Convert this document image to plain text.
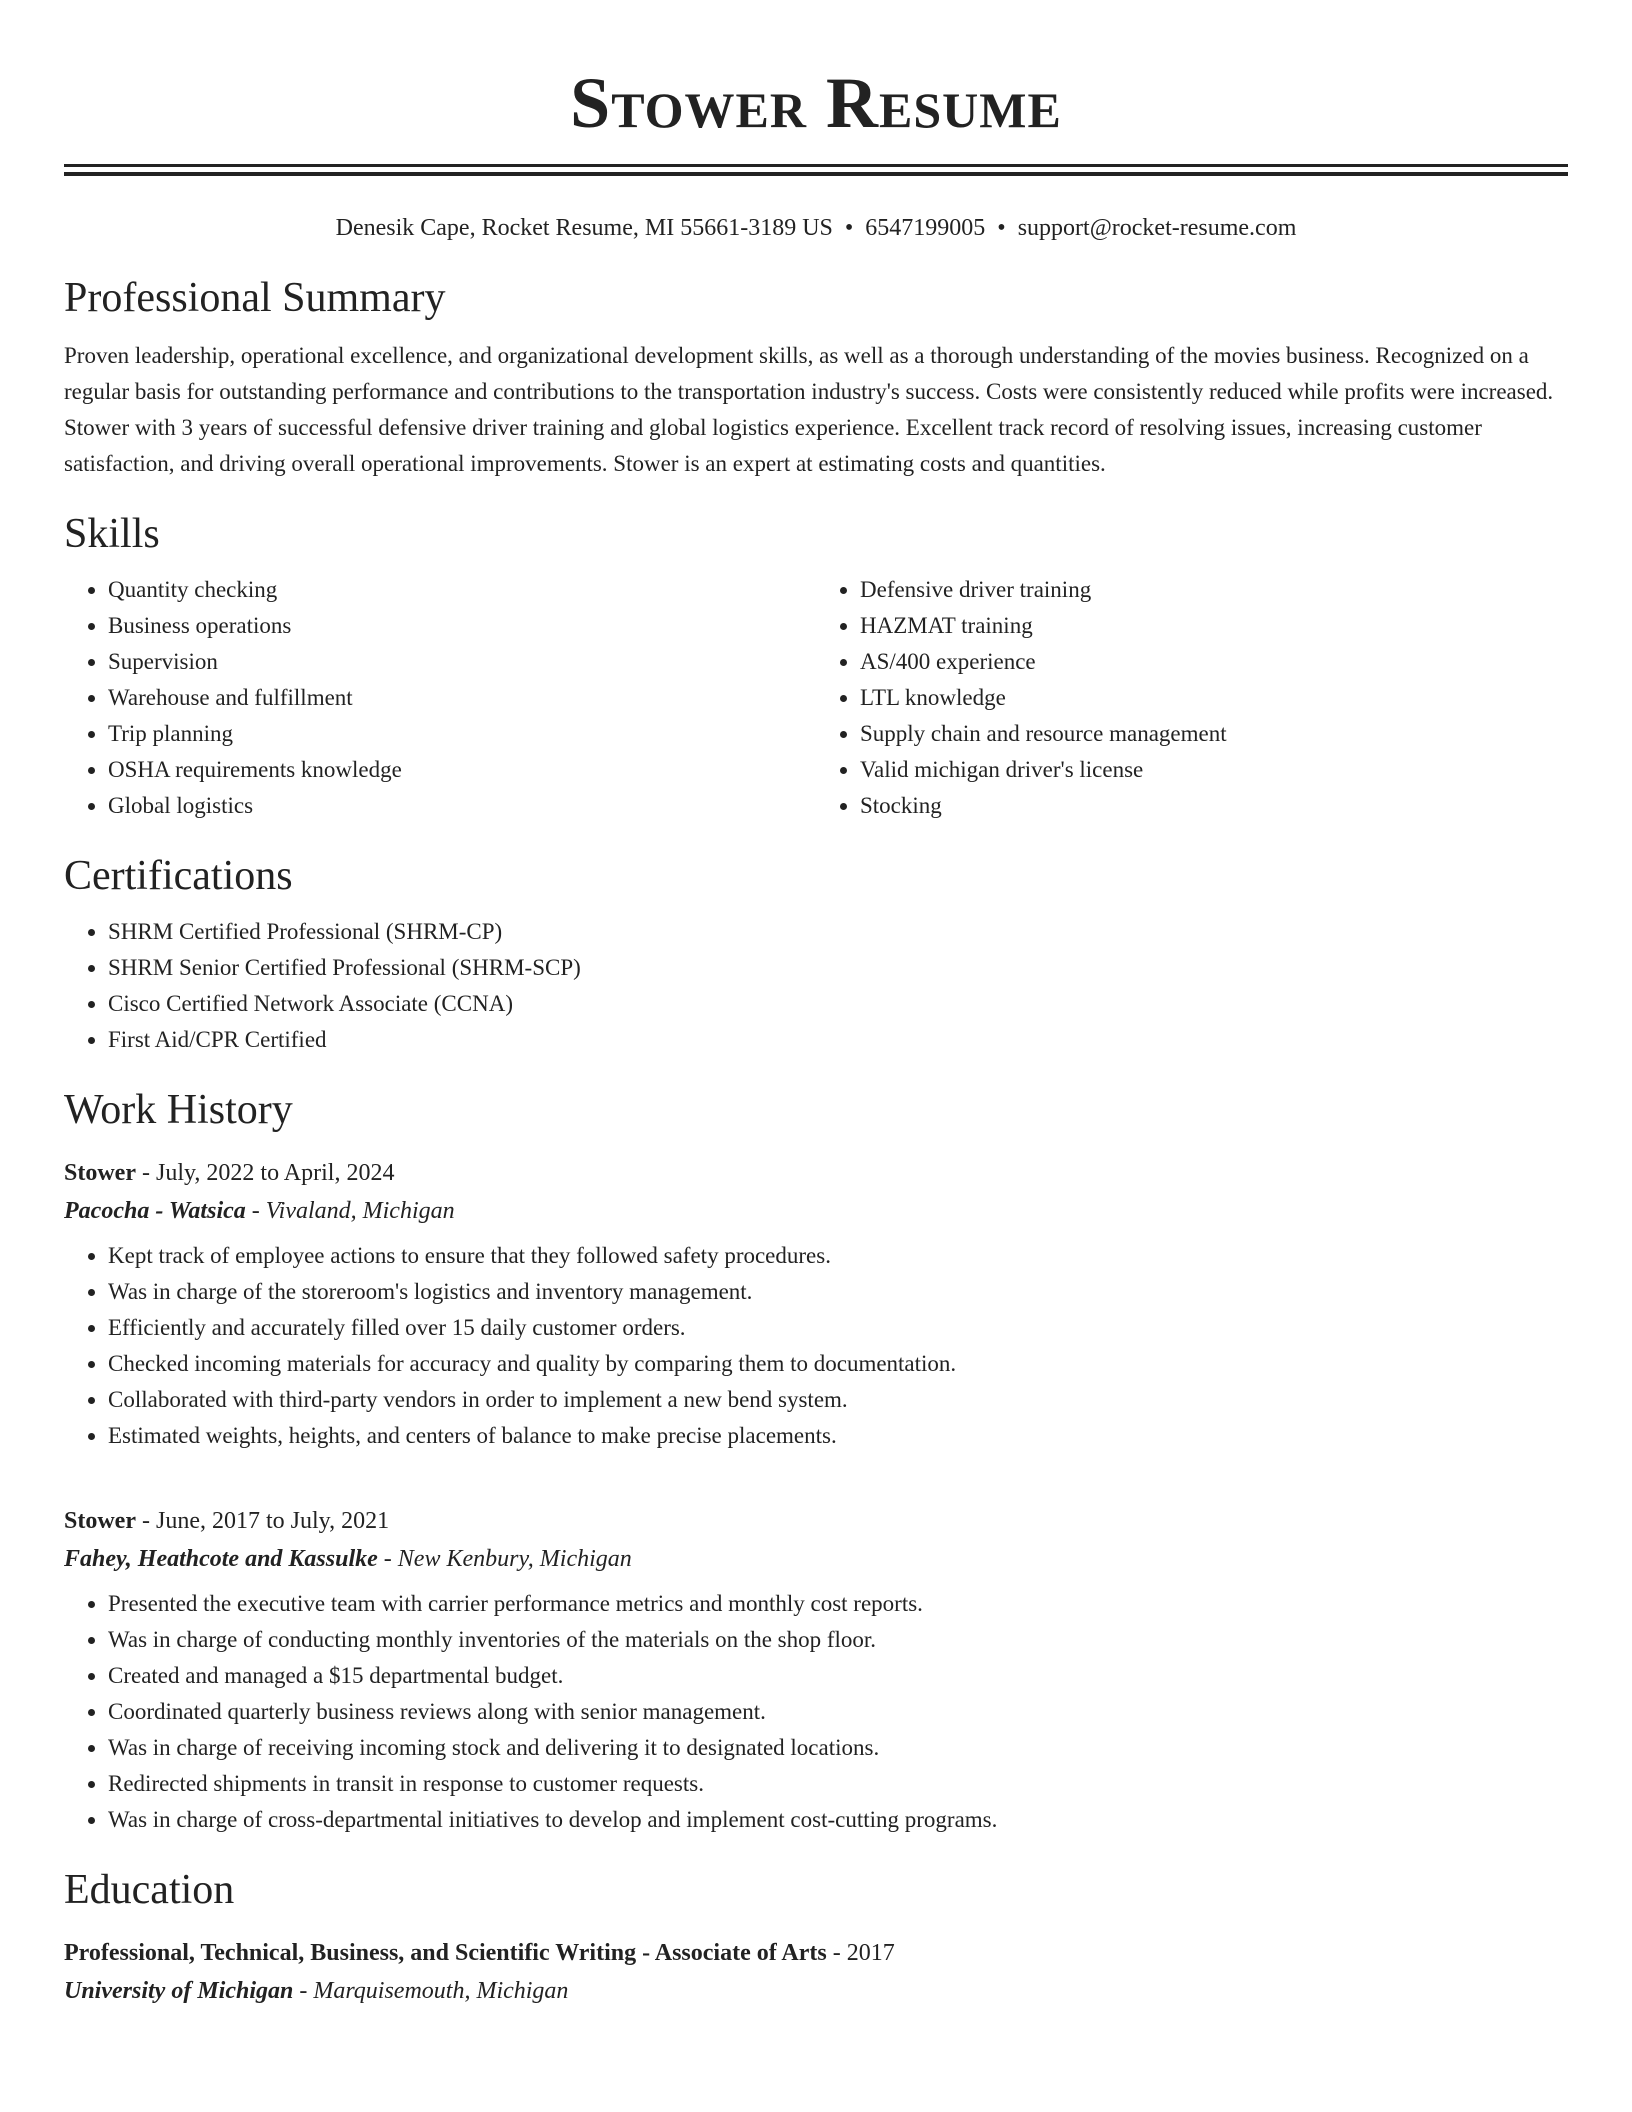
Stower Resume
Denesik Cape, Rocket Resume, MI 55661-3189 US • 6547199005 • support@rocket-resume.com
Professional Summary

Proven leadership, operational excellence, and organizational development skills, as well as a thorough understanding of the movies business. Recognized on a regular basis for outstanding performance and contributions to the transportation industry's success. Costs were consistently reduced while profits were increased. Stower with 3 years of successful defensive driver training and global logistics experience. Excellent track record of resolving issues, increasing customer satisfaction, and driving overall operational improvements. Stower is an expert at estimating costs and quantities.

Skills
• Quantity checking
• Business operations
• Supervision
• Warehouse and fulfillment
• Trip planning
• OSHA requirements knowledge
• Global logistics
• Defensive driver training
• HAZMAT training
• AS/400 experience
• LTL knowledge
• Supply chain and resource management
• Valid michigan driver's license
• Stocking
Certifications
• SHRM Certified Professional (SHRM-CP)
• SHRM Senior Certified Professional (SHRM-SCP)
• Cisco Certified Network Associate (CCNA)
• First Aid/CPR Certified
Work History
Stower - July, 2022 to April, 2024
Pacocha - Watsica - Vivaland, Michigan
• Kept track of employee actions to ensure that they followed safety procedures.
• Was in charge of the storeroom's logistics and inventory management.
• Efficiently and accurately filled over 15 daily customer orders.
• Checked incoming materials for accuracy and quality by comparing them to documentation.
• Collaborated with third-party vendors in order to implement a new bend system.
• Estimated weights, heights, and centers of balance to make precise placements.
Stower - June, 2017 to July, 2021
Fahey, Heathcote and Kassulke - New Kenbury, Michigan
• Presented the executive team with carrier performance metrics and monthly cost reports.
• Was in charge of conducting monthly inventories of the materials on the shop floor.
• Created and managed a $15 departmental budget.
• Coordinated quarterly business reviews along with senior management.
• Was in charge of receiving incoming stock and delivering it to designated locations.
• Redirected shipments in transit in response to customer requests.
• Was in charge of cross-departmental initiatives to develop and implement cost-cutting programs.
Education
Professional, Technical, Business, and Scientific Writing - Associate of Arts - 2017
University of Michigan - Marquisemouth, Michigan
